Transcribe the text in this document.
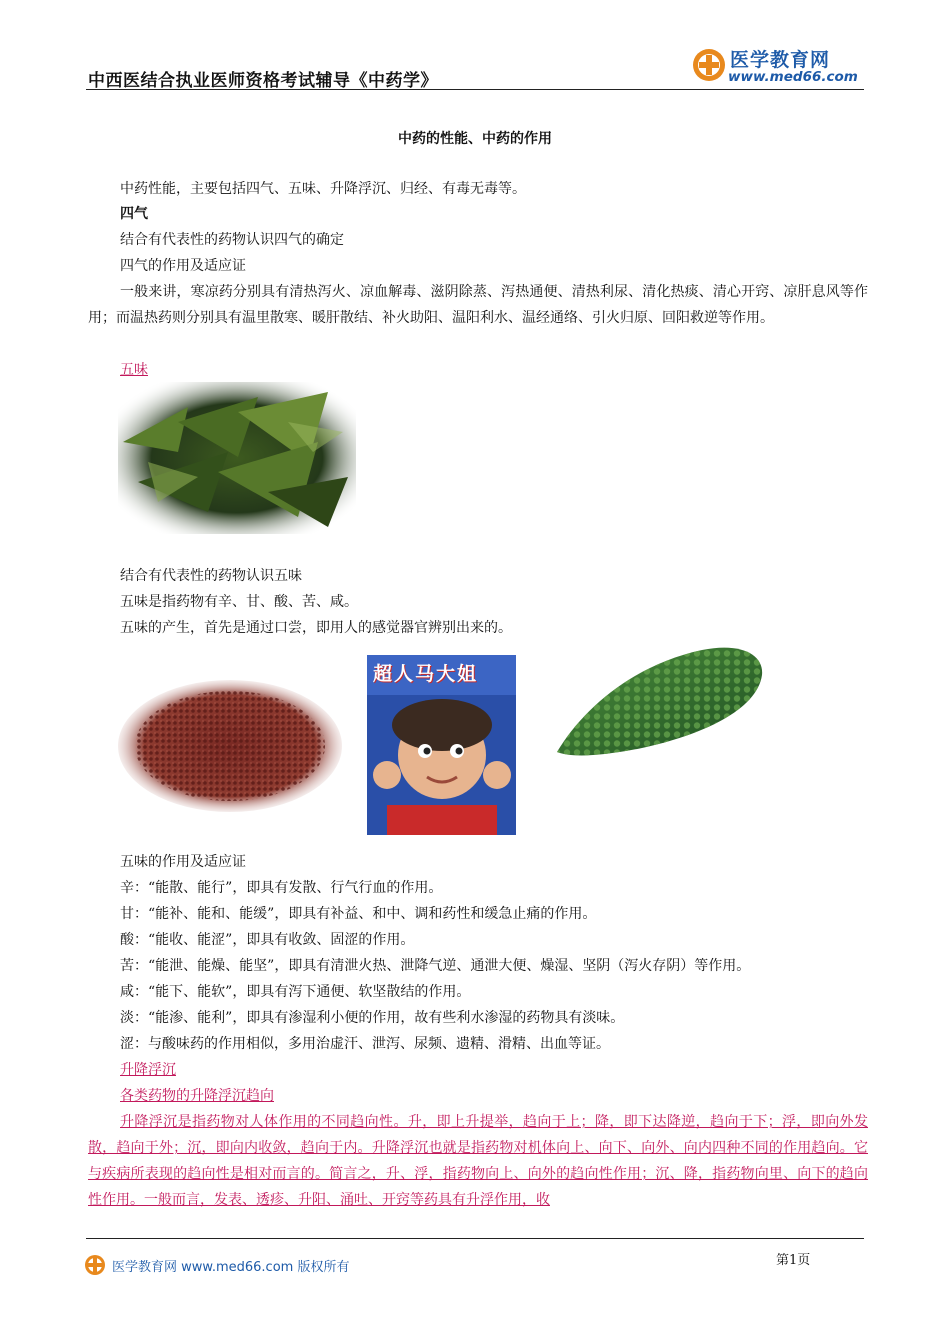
中西医结合执业医师资格考试辅导《中药学》
医学教育网
www.med66.com
中药的性能、中药的作用
中药性能，主要包括四气、五味、升降浮沉、归经、有毒无毒等。
四气
结合有代表性的药物认识四气的确定
四气的作用及适应证
一般来讲，寒凉药分别具有清热泻火、凉血解毒、滋阴除蒸、泻热通便、清热利尿、清化热痰、清心开窍、凉肝息风等作用；而温热药则分别具有温里散寒、暖肝散结、补火助阳、温阳利水、温经通络、引火归原、回阳救逆等作用。
五味
结合有代表性的药物认识五味
五味是指药物有辛、甘、酸、苦、咸。
五味的产生，首先是通过口尝，即用人的感觉器官辨别出来的。
超人马大姐
五味的作用及适应证
辛：“能散、能行”，即具有发散、行气行血的作用。
甘：“能补、能和、能缓”，即具有补益、和中、调和药性和缓急止痛的作用。
酸：“能收、能涩”，即具有收敛、固涩的作用。
苦：“能泄、能燥、能坚”，即具有清泄火热、泄降气逆、通泄大便、燥湿、坚阴（泻火存阴）等作用。
咸：“能下、能软”，即具有泻下通便、软坚散结的作用。
淡：“能渗、能利”，即具有渗湿利小便的作用，故有些利水渗湿的药物具有淡味。
涩：与酸味药的作用相似，多用治虚汗、泄泻、尿频、遗精、滑精、出血等证。
升降浮沉
各类药物的升降浮沉趋向
升降浮沉是指药物对人体作用的不同趋向性。升，即上升提举，趋向于上；降，即下达降逆，趋向于下；浮，即向外发散，趋向于外；沉，即向内收敛，趋向于内。升降浮沉也就是指药物对机体向上、向下、向外、向内四种不同的作用趋向。它与疾病所表现的趋向性是相对而言的。简言之，升、浮，指药物向上、向外的趋向性作用；沉、降，指药物向里、向下的趋向性作用。一般而言，发表、透疹、升阳、涌吐、开窍等药具有升浮作用，收
医学教育网 www.med66.com 版权所有	第1页
